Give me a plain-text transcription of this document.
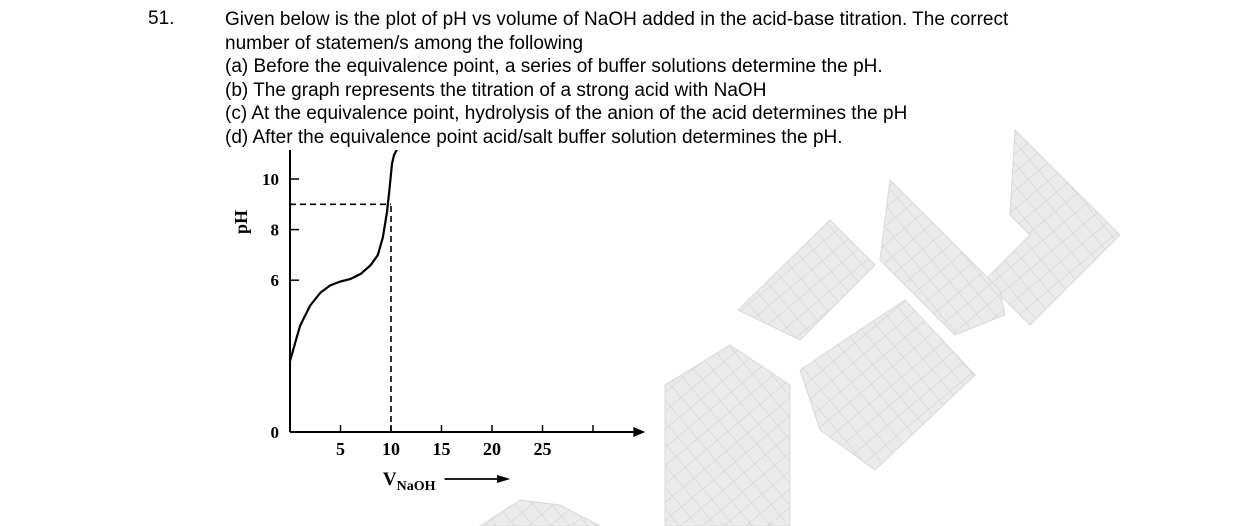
51.	Given below is the plot of pH vs volume of NaOH added in the acid-base titration. The correct
number of statemen/s among the following
(a) Before the equivalence point, a series of buffer solutions determine the pH.
(b) The graph represents the titration of a strong acid with NaOH
(c) At the equivalence point, hydrolysis of the anion of the acid determines the pH
(d) After the equivalence point acid/salt buffer solution determines the pH.
5 10 15 20 25
0
6
8
10
pH
$V_{NaOH}$
